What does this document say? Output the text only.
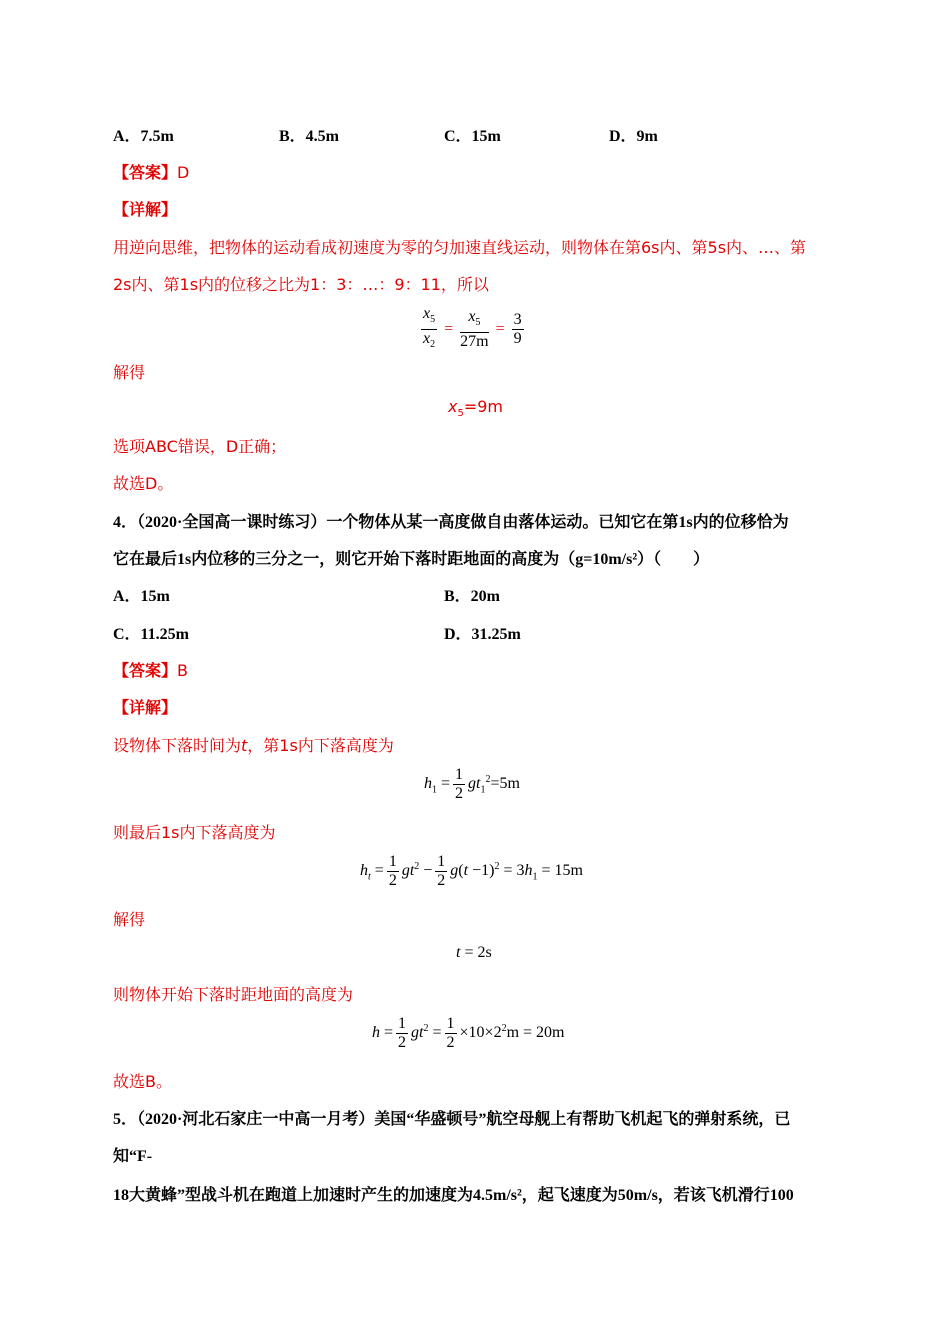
A．7.5m	B．4.5m	C．15m	D．9m
【答案】D
【详解】
用逆向思维，把物体的运动看成初速度为零的匀加速直线运动，则物体在第6s内、第5s内、…、第
2s内、第1s内的位移之比为1：3：…：9：11，所以
$\frac{x_5}{x_2} = \frac{x_5}{27m} = \frac{3}{9}$
解得
$x_5=9m$
选项ABC错误，D正确；
故选D。
4．（2020·全国高一课时练习）一个物体从某一高度做自由落体运动。已知它在第1s内的位移恰为
它在最后1s内位移的三分之一，则它开始下落时距地面的高度为（g=10m/s²）（　　）
A．15m	B．20m
C．11.25m	D．31.25m
【答案】B
【详解】
设物体下落时间为t，第1s内下落高度为
$h_1 = \frac{1}{2} gt_1^2=5m$
则最后1s内下落高度为
$h_t = \frac{1}{2} gt^2 - \frac{1}{2} g(t -1)^2 = 3h_1 = 15m$
解得
t = 2s
则物体开始下落时距地面的高度为
$h = \frac{1}{2} gt^2 = \frac{1}{2} \times 10\times 2^2m = 20m$
故选B。
5．（2020·河北石家庄一中高一月考）美国“华盛顿号”航空母舰上有帮助飞机起飞的弹射系统，已
知“F-
18大黄蜂”型战斗机在跑道上加速时产生的加速度为4.5m/s²，起飞速度为50m/s，若该飞机滑行100
